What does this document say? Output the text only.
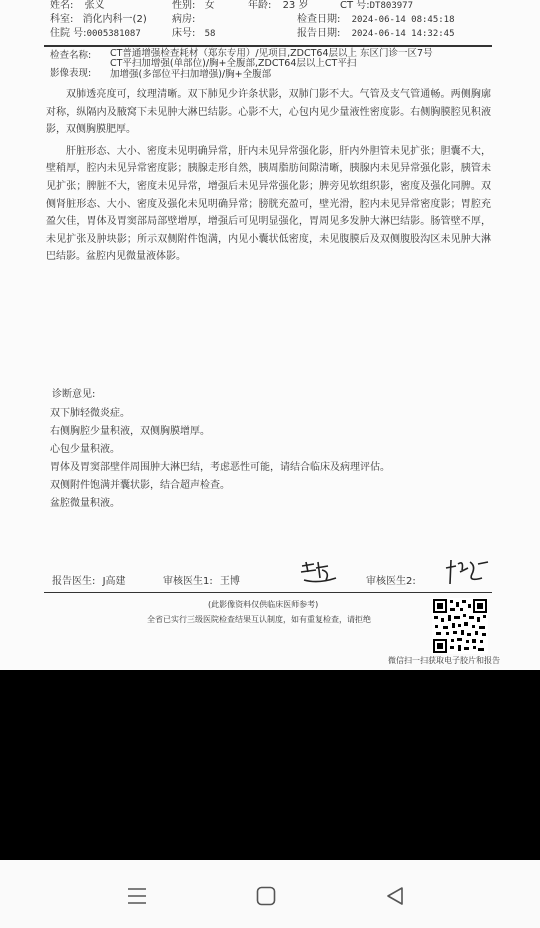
姓名: 张义	性别: 女	年龄: 23 岁	CT 号:DT803977
科室: 消化内科一(2)	病房:	检查日期: 2024-06-14 08:45:18
住院 号:0005381087	床号: 58	报告日期: 2024-06-14 14:32:45
检查名称: CT普通增强检查耗材（郑东专用）/见项目,ZDCT64层以上 东区门诊一区7号
CT平扫加增强(单部位)/胸+全腹部,ZDCT64层以上CT平扫
影像表现: 加增强(多部位平扫加增强)/胸+全腹部

双肺透亮度可，纹理清晰。双下肺见少许条状影，双肺门影不大。气管及支气管通畅。两侧胸廓对称，纵隔内及腋窝下未见肿大淋巴结影。心影不大，心包内见少量液性密度影。右侧胸膜腔见积液影，双侧胸膜肥厚。

肝脏形态、大小、密度未见明确异常，肝内未见异常强化影，肝内外胆管未见扩张；胆囊不大，壁稍厚，腔内未见异常密度影；胰腺走形自然，胰周脂肪间隙清晰，胰腺内未见异常强化影，胰管未见扩张；脾脏不大，密度未见异常，增强后未见异常强化影；脾旁见软组织影，密度及强化同脾。双侧肾脏形态、大小、密度及强化未见明确异常；膀胱充盈可，壁光滑，腔内未见异常密度影；胃腔充盈欠佳，胃体及胃窦部局部壁增厚，增强后可见明显强化，胃周见多发肿大淋巴结影。肠管壁不厚，未见扩张及肿块影；所示双侧附件饱满，内见小囊状低密度，未见腹膜后及双侧腹股沟区未见肿大淋巴结影。盆腔内见微量液体影。

诊断意见:
双下肺轻微炎症。
右侧胸腔少量积液，双侧胸膜增厚。
心包少量积液。
胃体及胃窦部壁伴周围肿大淋巴结，考虑恶性可能，请结合临床及病理评估。
双侧附件饱满并囊状影，结合超声检查。
盆腔微量积液。
报告医生: J高建	审核医生1: 王博	审核医生2:
(此影像资料仅供临床医师参考)
全省已实行三级医院检查结果互认制度，如有重复检查，请拒绝
微信扫一扫获取电子胶片和报告
